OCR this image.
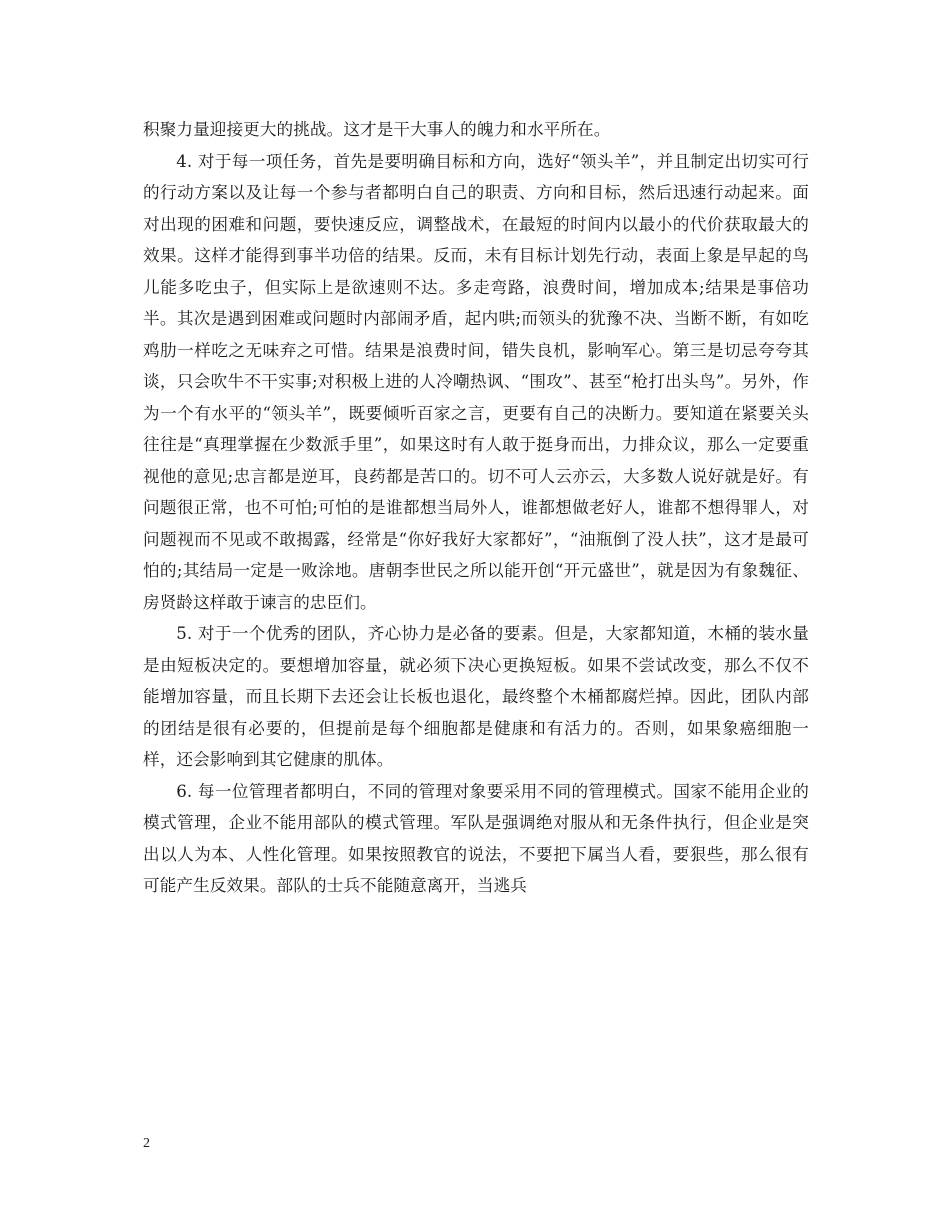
积聚力量迎接更大的挑战。这才是干大事人的魄力和水平所在。

4. 对于每一项任务，首先是要明确目标和方向，选好“领头羊”，并且制定出切实可行的行动方案以及让每一个参与者都明白自己的职责、方向和目标，然后迅速行动起来。面对出现的困难和问题，要快速反应，调整战术，在最短的时间内以最小的代价获取最大的效果。这样才能得到事半功倍的结果。反而，未有目标计划先行动，表面上象是早起的鸟儿能多吃虫子，但实际上是欲速则不达。多走弯路，浪费时间，增加成本;结果是事倍功半。其次是遇到困难或问题时内部闹矛盾，起内哄;而领头的犹豫不决、当断不断，有如吃鸡肋一样吃之无味弃之可惜。结果是浪费时间，错失良机，影响军心。第三是切忌夸夸其谈，只会吹牛不干实事;对积极上进的人冷嘲热讽、“围攻”、甚至“枪打出头鸟”。另外，作为一个有水平的“领头羊”，既要倾听百家之言，更要有自己的决断力。要知道在紧要关头往往是“真理掌握在少数派手里”，如果这时有人敢于挺身而出，力排众议，那么一定要重视他的意见;忠言都是逆耳，良药都是苦口的。切不可人云亦云，大多数人说好就是好。有问题很正常，也不可怕;可怕的是谁都想当局外人，谁都想做老好人，谁都不想得罪人，对问题视而不见或不敢揭露，经常是“你好我好大家都好”，“油瓶倒了没人扶”，这才是最可怕的;其结局一定是一败涂地。唐朝李世民之所以能开创“开元盛世”，就是因为有象魏征、房贤龄这样敢于谏言的忠臣们。

5. 对于一个优秀的团队，齐心协力是必备的要素。但是，大家都知道，木桶的装水量是由短板决定的。要想增加容量，就必须下决心更换短板。如果不尝试改变，那么不仅不能增加容量，而且长期下去还会让长板也退化，最终整个木桶都腐烂掉。因此，团队内部的团结是很有必要的，但提前是每个细胞都是健康和有活力的。否则，如果象癌细胞一样，还会影响到其它健康的肌体。

6. 每一位管理者都明白，不同的管理对象要采用不同的管理模式。国家不能用企业的模式管理，企业不能用部队的模式管理。军队是强调绝对服从和无条件执行，但企业是突出以人为本、人性化管理。如果按照教官的说法，不要把下属当人看，要狠些，那么很有可能产生反效果。部队的士兵不能随意离开，当逃兵

2
